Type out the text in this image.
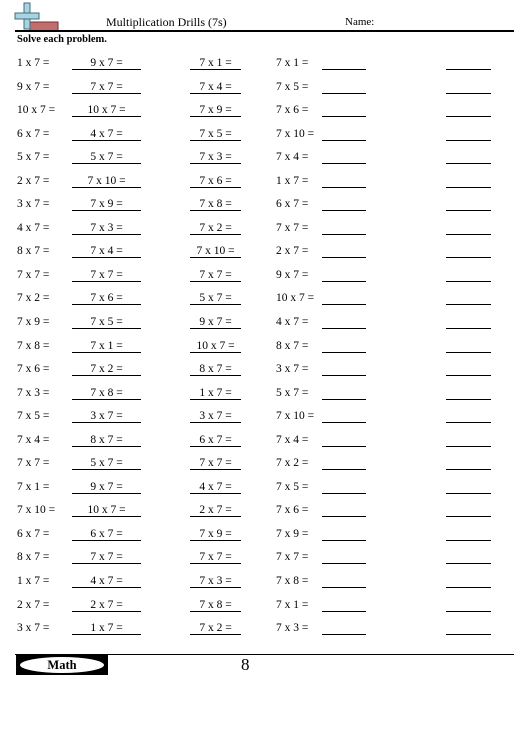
Multiplication Drills (7s)	Name:
Solve each problem.
1 x 7 =	9 x 7 =	7 x 1 =	7 x 1 =
9 x 7 =	7 x 7 =	7 x 4 =	7 x 5 =
10 x 7 =	10 x 7 =	7 x 9 =	7 x 6 =
6 x 7 =	4 x 7 =	7 x 5 =	7 x 10 =
5 x 7 =	5 x 7 =	7 x 3 =	7 x 4 =
2 x 7 =	7 x 10 =	7 x 6 =	1 x 7 =
3 x 7 =	7 x 9 =	7 x 8 =	6 x 7 =
4 x 7 =	7 x 3 =	7 x 2 =	7 x 7 =
8 x 7 =	7 x 4 =	7 x 10 =	2 x 7 =
7 x 7 =	7 x 7 =	7 x 7 =	9 x 7 =
7 x 2 =	7 x 6 =	5 x 7 =	10 x 7 =
7 x 9 =	7 x 5 =	9 x 7 =	4 x 7 =
7 x 8 =	7 x 1 =	10 x 7 =	8 x 7 =
7 x 6 =	7 x 2 =	8 x 7 =	3 x 7 =
7 x 3 =	7 x 8 =	1 x 7 =	5 x 7 =
7 x 5 =	3 x 7 =	3 x 7 =	7 x 10 =
7 x 4 =	8 x 7 =	6 x 7 =	7 x 4 =
7 x 7 =	5 x 7 =	7 x 7 =	7 x 2 =
7 x 1 =	9 x 7 =	4 x 7 =	7 x 5 =
7 x 10 =	10 x 7 =	2 x 7 =	7 x 6 =
6 x 7 =	6 x 7 =	7 x 9 =	7 x 9 =
8 x 7 =	7 x 7 =	7 x 7 =	7 x 7 =
1 x 7 =	4 x 7 =	7 x 3 =	7 x 8 =
2 x 7 =	2 x 7 =	7 x 8 =	7 x 1 =
3 x 7 =	1 x 7 =	7 x 2 =	7 x 3 =
Math	8
